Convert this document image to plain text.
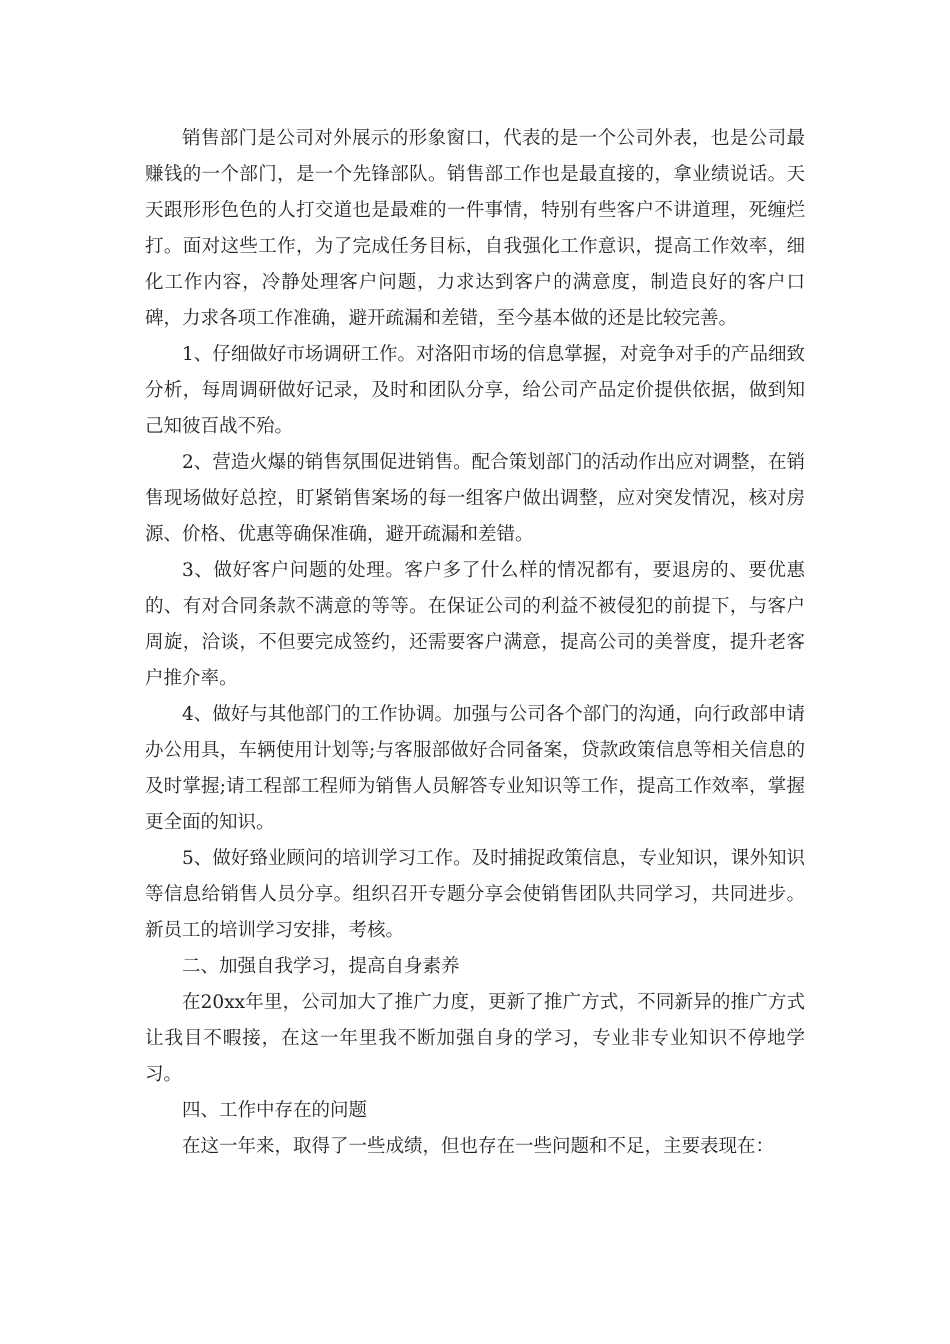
销售部门是公司对外展示的形象窗口，代表的是一个公司外表，也是公司最赚钱的一个部门，是一个先锋部队。销售部工作也是最直接的，拿业绩说话。天天跟形形色色的人打交道也是最难的一件事情，特别有些客户不讲道理，死缠烂打。面对这些工作，为了完成任务目标，自我强化工作意识，提高工作效率，细化工作内容，冷静处理客户问题，力求达到客户的满意度，制造良好的客户口碑，力求各项工作准确，避开疏漏和差错，至今基本做的还是比较完善。

1、仔细做好市场调研工作。对洛阳市场的信息掌握，对竞争对手的产品细致分析，每周调研做好记录，及时和团队分享，给公司产品定价提供依据，做到知己知彼百战不殆。

2、营造火爆的销售氛围促进销售。配合策划部门的活动作出应对调整，在销售现场做好总控，盯紧销售案场的每一组客户做出调整，应对突发情况，核对房源、价格、优惠等确保准确，避开疏漏和差错。

3、做好客户问题的处理。客户多了什么样的情况都有，要退房的、要优惠的、有对合同条款不满意的等等。在保证公司的利益不被侵犯的前提下，与客户周旋，洽谈，不但要完成签约，还需要客户满意，提高公司的美誉度，提升老客户推介率。

4、做好与其他部门的工作协调。加强与公司各个部门的沟通，向行政部申请办公用具，车辆使用计划等;与客服部做好合同备案，贷款政策信息等相关信息的及时掌握;请工程部工程师为销售人员解答专业知识等工作，提高工作效率，掌握更全面的知识。

5、做好臵业顾问的培训学习工作。及时捕捉政策信息，专业知识，课外知识等信息给销售人员分享。组织召开专题分享会使销售团队共同学习，共同进步。新员工的培训学习安排，考核。

二、加强自我学习，提高自身素养

在20xx年里，公司加大了推广力度，更新了推广方式，不同新异的推广方式让我目不暇接，在这一年里我不断加强自身的学习，专业非专业知识不停地学习。

四、工作中存在的问题

在这一年来，取得了一些成绩，但也存在一些问题和不足，主要表现在：
